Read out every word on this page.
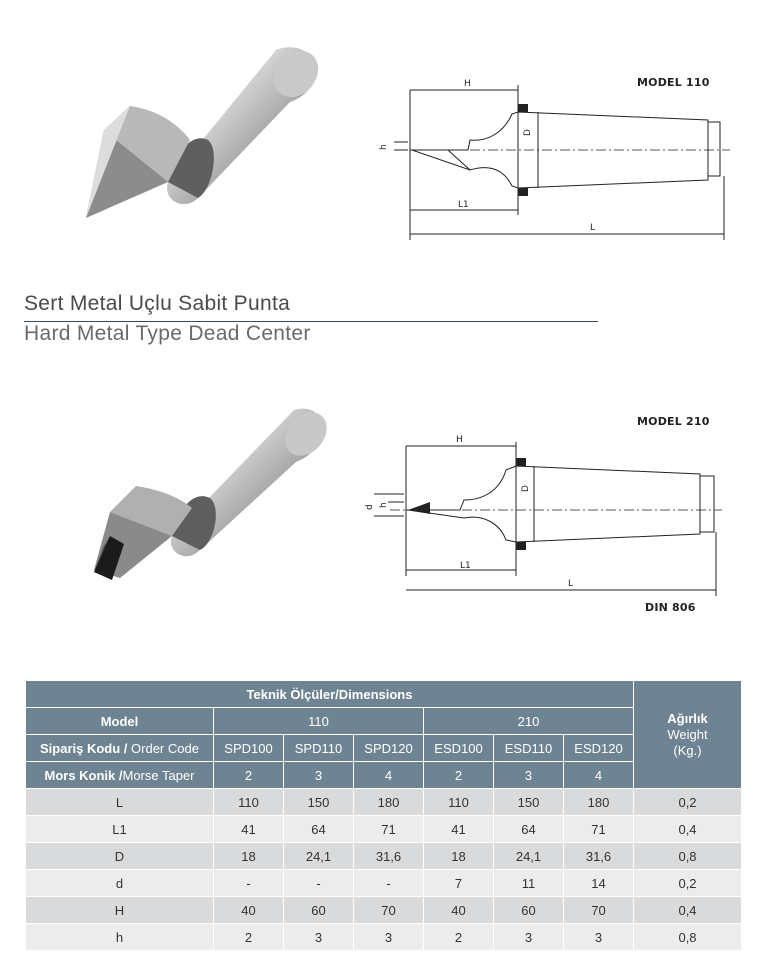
H
D
h
L1
L
MODEL 110
Sert Metal Uçlu Sabit Punta
Hard Metal Type Dead Center
H
D
d h
L1
L
MODEL 210
DIN 806
Teknik Ölçüler/Dimensions							Ağırlık
Weight
(Kg.)

Model	110			210			
Sipariş Kodu / Order Code	SPD100	SPD110	SPD120	ESD100	ESD110	ESD120	
Mors Konik /Morse Taper	2	3	4	2	3	4	
L	110	150	180	110	150	180	0,2
L1	41	64	71	41	64	71	0,4
D	18	24,1	31,6	18	24,1	31,6	0,8
d	-	-	-	7	11	14	0,2
H	40	60	70	40	60	70	0,4
h	2	3	3	2	3	3	0,8
